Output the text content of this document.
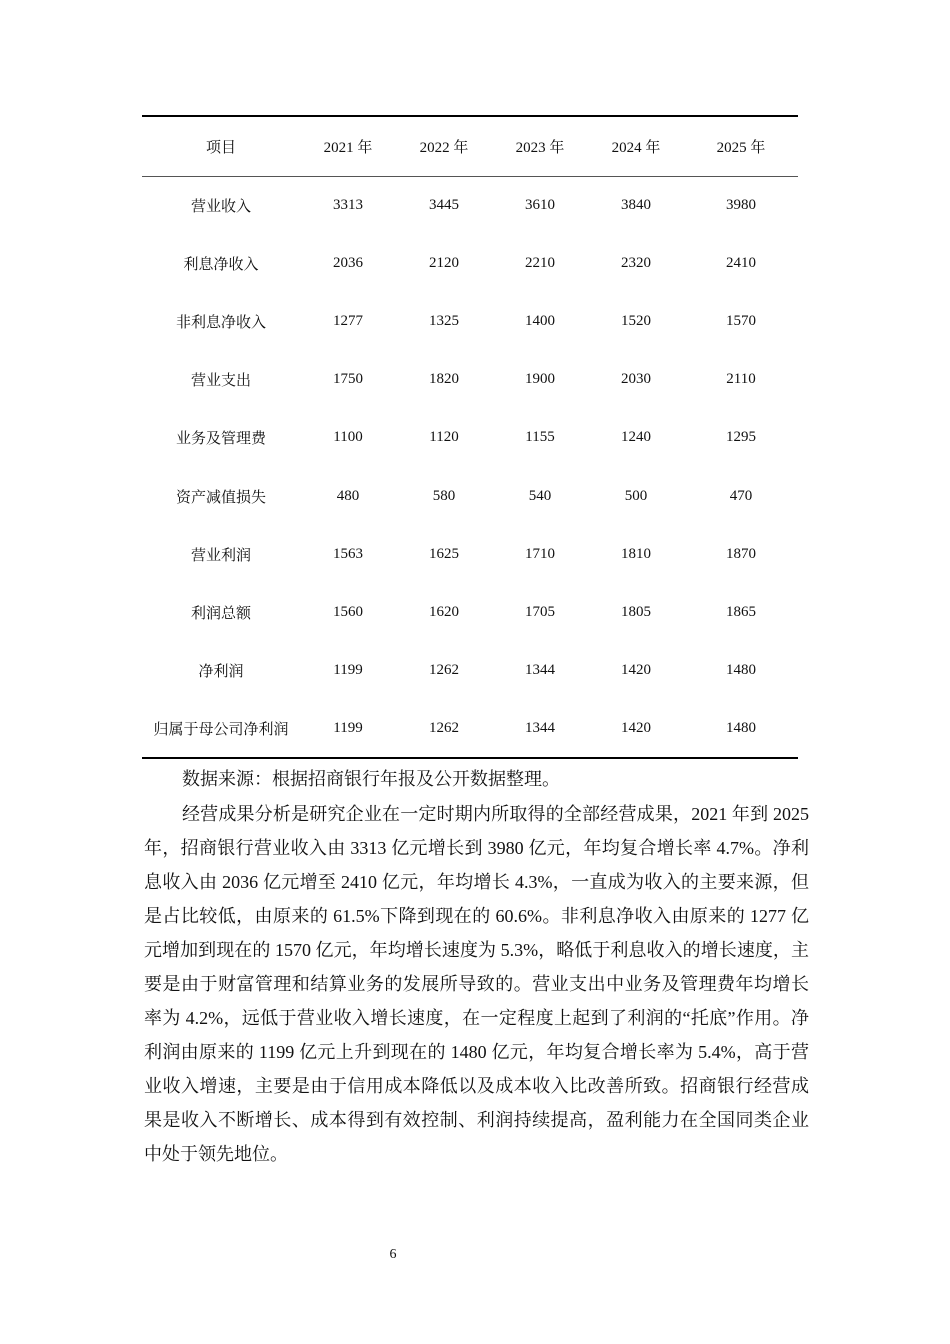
项目	2021 年	2022 年	2023 年	2024 年	2025 年
营业收入	3313	3445	3610	3840	3980
利息净收入	2036	2120	2210	2320	2410
非利息净收入	1277	1325	1400	1520	1570
营业支出	1750	1820	1900	2030	2110
业务及管理费	1100	1120	1155	1240	1295
资产减值损失	480	580	540	500	470
营业利润	1563	1625	1710	1810	1870
利润总额	1560	1620	1705	1805	1865
净利润	1199	1262	1344	1420	1480
归属于母公司净利润	1199	1262	1344	1420	1480

数据来源：根据招商银行年报及公开数据整理。

经营成果分析是研究企业在一定时期内所取得的全部经营成果，2021 年到 2025 年，招商银行营业收入由 3313 亿元增长到 3980 亿元，年均复合增长率 4.7%。净利息收入由 2036 亿元增至 2410 亿元，年均增长 4.3%，一直成为收入的主要来源，但是占比较低，由原来的 61.5%下降到现在的 60.6%。非利息净收入由原来的 1277 亿元增加到现在的 1570 亿元，年均增长速度为 5.3%，略低于利息收入的增长速度，主要是由于财富管理和结算业务的发展所导致的。营业支出中业务及管理费年均增长率为 4.2%，远低于营业收入增长速度，在一定程度上起到了利润的“托底”作用。净利润由原来的 1199 亿元上升到现在的 1480 亿元，年均复合增长率为 5.4%，高于营业收入增速，主要是由于信用成本降低以及成本收入比改善所致。招商银行经营成果是收入不断增长、成本得到有效控制、利润持续提高，盈利能力在全国同类企业中处于领先地位。

6
